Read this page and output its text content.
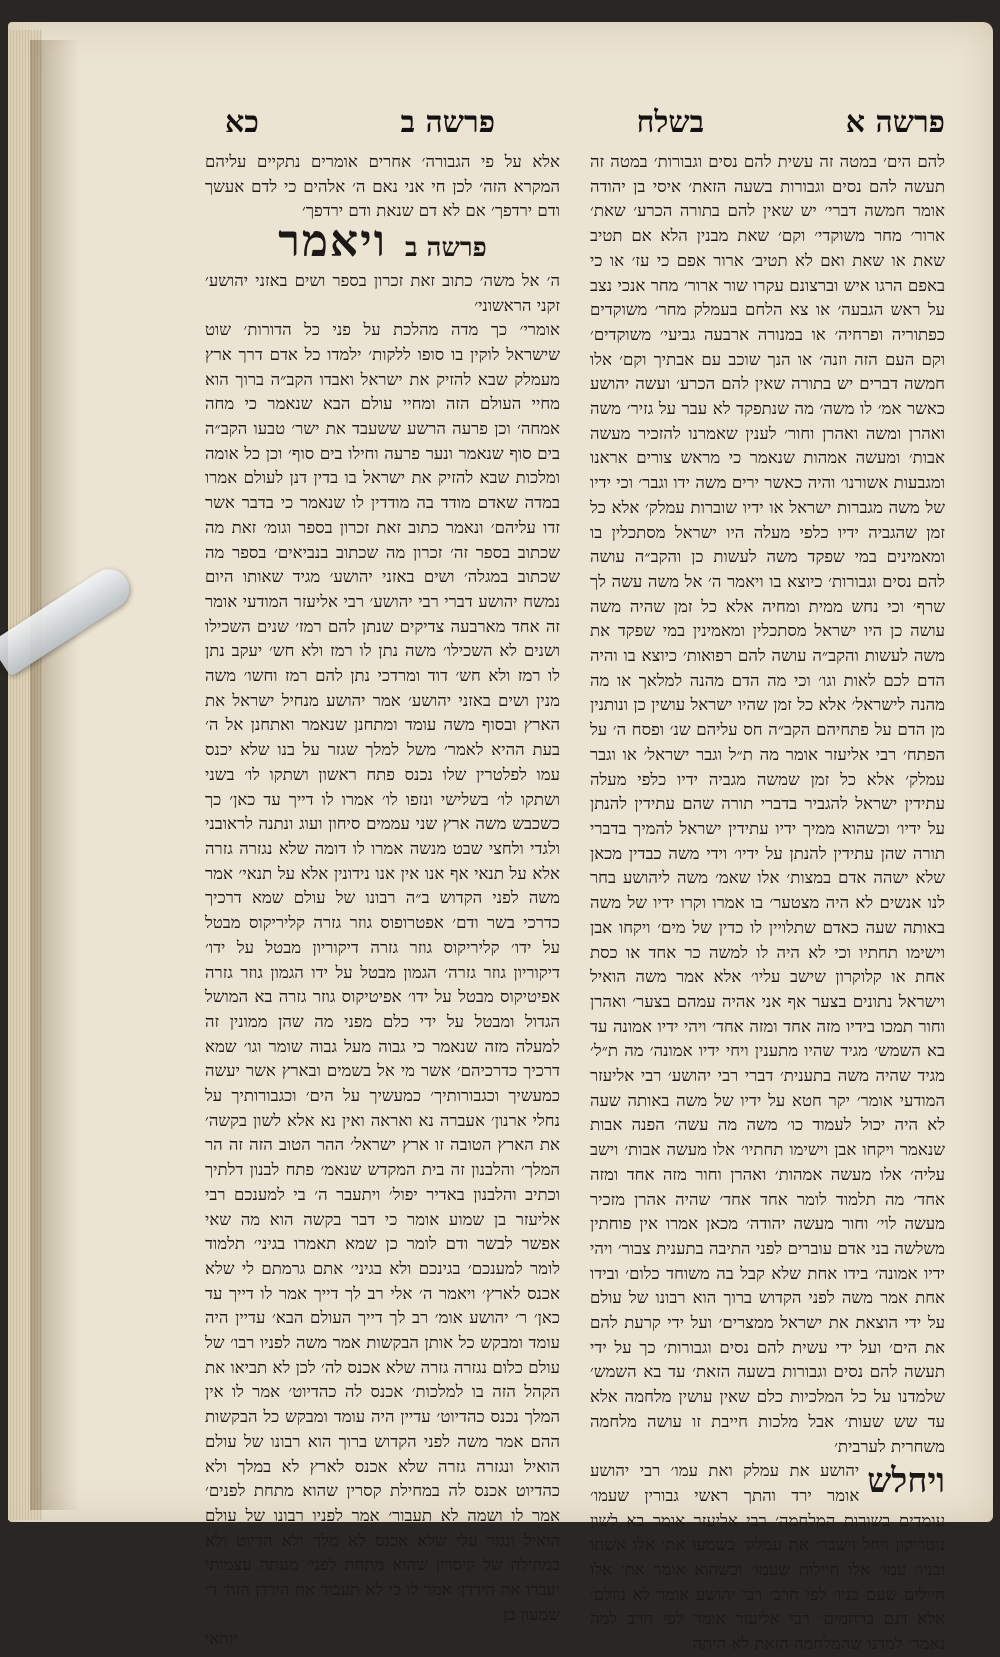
פרשה א
בשלח
פרשה ב
כא

להם הים׳ במטה זה עשית להם נסים וגבורות׳ במטה זה תעשה להם נסים וגבורות בשעה הזאת׳ איסי בן יהודה אומר חמשה דברי׳ יש שאין להם בתורה הכרע׳ שאת׳ ארור׳ מחר משוקדי׳ וקם׳ שאת מבנין הלא אם תטיב שאת או שאת ואם לא תטיב׳ ארור אפם כי עז׳ או כי באפם הרגו איש וברצונם עקרו שור ארור׳ מחר אנכי נצב על ראש הגבעה׳ או צא הלחם בעמלק מחר׳ משוקדים כפתוריה ופרחיה׳ או במנורה ארבעה גביעי׳ משוקדים׳ וקם העם הזה וזנה׳ או הנך שוכב עם אבתיך וקם׳ אלו חמשה דברים יש בתורה שאין להם הכרע׳ ועשה יהושע כאשר אמ׳ לו משה׳ מה שנתפקד לא עבר על גזיר׳ משה ואהרן ומשה ואהרן וחור׳ לענין שאמרנו להזכיר מעשה אבות׳ ומעשה אמהות שנאמר כי מראש צורים אראנו ומגבעות אשורנו׳ והיה כאשר ירים משה ידו וגבר׳ וכי ידיו של משה מגברות ישראל או ידיו שוברות עמלק׳ אלא כל זמן שהגביה ידיו כלפי מעלה היו ישראל מסתכלין בו ומאמינים במי שפקד משה לעשות כן והקב״ה עושה להם נסים וגבורות׳ כיוצא בו ויאמר ה׳ אל משה עשה לך שרף׳ וכי נחש ממית ומחיה אלא כל זמן שהיה משה עושה כן היו ישראל מסתכלין ומאמינין במי שפקד את משה לעשות והקב״ה עושה להם רפואות׳ כיוצא בו והיה הדם לכם לאות וגו׳ וכי מה הדם מהנה למלאך או מה מהנה לישראל׳ אלא כל זמן שהיו ישראל עושין כן ונותנין מן הדם על פתחיהם הקב״ה חס עליהם שנ׳ ופסח ה׳ על הפתח׳ רבי אליעזר אומר מה ת״ל וגבר ישראל׳ או וגבר עמלק׳ אלא כל זמן שמשה מגביה ידיו כלפי מעלה עתידין ישראל להגביר בדברי תורה שהם עתידין להנתן על ידיו׳ וכשהוא ממיך ידיו עתידין ישראל להמיך בדברי תורה שהן עתידין להנתן על ידיו׳ וידי משה כבדין מכאן שלא ישהה אדם במצות׳ אלו שאמ׳ משה ליהושע בחר לנו אנשים לא היה מצטער׳ בו אמרו וקרו ידיו של משה באותה שעה כאדם שתלויין לו כדין של מים׳ ויקחו אבן וישימו תחתיו וכי לא היה לו למשה כר אחד או כסת אחת או קלוקרון שישב עליו׳ אלא אמר משה הואיל וישראל נתונים בצער אף אני אהיה עמהם בצער׳ ואהרן וחור תמכו בידיו מזה אחד ומזה אחד׳ ויהי ידיו אמונה עד בא השמש׳ מגיד שהיו מתענין ויחי ידיו אמונה׳ מה ת״ל׳ מגיד שהיה משה בתענית׳ דברי רבי יהושע׳ רבי אליעזר המודעי אומר׳ יקר חטא על ידיו של משה באותה שעה לא היה יכול לעמוד כו׳ משה מה עשה׳ הפנה אבות שנאמר ויקחו אבן וישימו תחתיו׳ אלו מעשה אבות׳ וישב עליה׳ אלו מעשה אמהות׳ ואהרן וחור מזה אחד ומזה אחד׳ מה תלמוד לומר אחד אחד׳ שהיה אהרן מזכיר מעשה לוי׳ וחור מעשה יהודה׳ מכאן אמרו אין פוחתין משלשה בני אדם עוברים לפני התיבה בתענית צבור׳ ויהי ידיו אמונה׳ בידו אחת שלא קבל בה משוחד כלום׳ ובידו אחת אמר משה לפני הקדוש ברוך הוא רבונו של עולם על ידי הוצאת את ישראל ממצרים׳ ועל ידי קרעת להם את הים׳ ועל ידי עשית להם נסים וגבורות׳ כך על ידי תעשה להם נסים וגבורות בשעה הזאת׳ עד בא השמש׳ שלמדנו על כל המלכיות כלם שאין עושין מלחמה אלא עד שש שעות׳ אבל מלכות חייבת זו עושה מלחמה משחרית לערבית׳

ויחלש
יהושע את עמלק ואת עמו׳ רבי יהושע אומר ירד והתך ראשי גבורין שעמו׳ עומדים בשורות המלחמה׳ רבי אליעזר אומר בא לשון נוטריקון ויחל וישבר׳ את עמלק׳ כשמעו את׳ אלו אשתו ובניו׳ עמו׳ אלו חיילות שעמו׳ וכשהוא אומר את׳ אלו חיילים שעם בניו׳ לפי חרב׳ רבי יהושע אומר לא נוולם׳ אלא דנם ברחמים׳ רבי אליעזר אומר לפי חרב למה נאמר׳ למדנו שהמלחמה הזאת לא היתה

אלא על פי הגבורה׳ אחרים אומרים נתקיים עליהם המקרא הזה׳ לכן חי אני נאם ה׳ אלהים כי לדם אעשך ודם ירדפך׳ אם לא דם שנאת ודם ירדפך׳

פרשה ב
ויאמר

ה׳ אל משה׳ כתוב זאת זכרון בספר ושים באזני יהושע׳ זקני הראשוני׳

אומרי׳ כך מדה מהלכת על פני כל הדורות׳ שוט שישראל לוקין בו סופו ללקות׳ ילמדו כל אדם דרך ארץ מעמלק שבא להזיק את ישראל ואבדו הקב״ה ברוך הוא מחיי העולם הזה ומחיי עולם הבא שנאמר כי מחה אמחה׳ וכן פרעה הרשע ששעבד את ישר׳ טבעו הקב״ה בים סוף שנאמר ונער פרעה וחילו בים סוף׳ וכן כל אומה ומלכות שבא להזיק את ישראל בו בדין דנן לעולם אמרו במדה שאדם מודד בה מודדין לו שנאמר כי בדבר אשר זדו עליהם׳ ונאמר כתוב זאת זכרון בספר וגומ׳ זאת מה שכתוב בספר זה׳ זכרון מה שכתוב בנביאים׳ בספר מה שכתוב במגלה׳ ושים באזני יהושע׳ מגיד שאותו היום נמשח יהושע דברי רבי יהושע׳ רבי אליעזר המודעי אומר זה אחד מארבעה צדיקים שנתן להם רמז׳ שנים השכילו ושנים לא השכילו׳ משה נתן לו רמז ולא חש׳ יעקב נתן לו רמז ולא חש׳ דוד ומרדכי נתן להם רמז וחשו׳ משה מנין ושים באזני יהושע׳ אמר יהושע מנחיל ישראל את הארץ ובסוף משה עומד ומתחנן שנאמר ואתחנן אל ה׳ בעת ההיא לאמר׳ משל למלך שגזר על בנו שלא יכנס עמו לפלטרין שלו נכנס פתח ראשון ושתקו לו׳ בשני ושתקו לו׳ בשלישי ונזפו לו׳ אמרו לו דייך עד כאן׳ כך כשכבש משה ארץ שני עממים סיחון ועוג ונתנה לראובני ולגדי ולחצי שבט מנשה אמרו לו דומה שלא נגזרה גזרה אלא על תנאי אף אנו אין אנו נידונין אלא על תנאי׳ אמר משה לפני הקדוש ב״ה רבונו של עולם שמא דרכיך כדרכי בשר ודם׳ אפטרופוס גוזר גזרה קליריקוס מבטל על ידו׳ קליריקוס גוזר גזרה דיקוריון מבטל על ידו׳ דיקוריון גוזר גזרה׳ הגמון מבטל על ידו הגמון גוזר גזרה אפיטיקוס מבטל על ידו׳ אפיטיקוס גוזר גזרה בא המושל הגדול ומבטל על ידי כלם מפני מה שהן ממונין זה למעלה מזה שנאמר כי גבוה מעל גבוה שומר וגו׳ שמא דרכיך כדרכיהם׳ אשר מי אל בשמים ובארץ אשר יעשה כמעשיך וכגבורותיך׳ כמעשיך על הים׳ וכגבורותיך על נחלי ארנון׳ אעברה נא ואראה ואין נא אלא לשון בקשה׳ את הארץ הטובה זו ארץ ישראל׳ ההר הטוב הזה זה הר המלך׳ והלבנון זה בית המקדש שנאמ׳ פתח לבנון דלתיך וכתיב והלבנון באדיר יפול׳ ויתעבר ה׳ בי למענכם רבי אליעזר בן שמוע אומר כי דבר בקשה הוא מה שאי אפשר לבשר ודם לומר כן שמא תאמרו בגיני׳ תלמוד לומר למענכם׳ בגינכם ולא בגיני׳ אתם גרמתם לי שלא אכנס לארץ׳ ויאמר ה׳ אלי רב לך דייך אמר לו דייך עד כאן׳ ר׳ יהושע אומ׳ רב לך דייך העולם הבא׳ עדיין היה עומד ומבקש כל אותן הבקשות אמר משה לפניו רבו׳ של עולם כלום נגזרה גזרה שלא אכנס לה׳ לכן לא תביאו את הקהל הזה בו למלכות׳ אכנס לה כהדיוט׳ אמר לו אין המלך נכנס כהדיוט׳ עדיין היה עומד ומבקש כל הבקשות ההם אמר משה לפני הקדוש ברוך הוא רבונו של עולם הואיל ונגזרה גזרה שלא אכנס לארץ לא במלך ולא כהדיוט אכנס לה במחילת קסרין שהוא מתחת לפנים׳ אמר לו ושמה לא תעבור׳ אמר לפניו רבונו של עולם הואיל ונגזר עלי שלא אכנס לא מלך ולא הדיוט ולא במחילה של קיסרין שהוא מתחת לפני׳ מעתה עצמותי יעברו את הירדן׳ אמר לו כי לא תעבור את הירדן הזה׳ ר׳ שמעון בן

יוחאי
